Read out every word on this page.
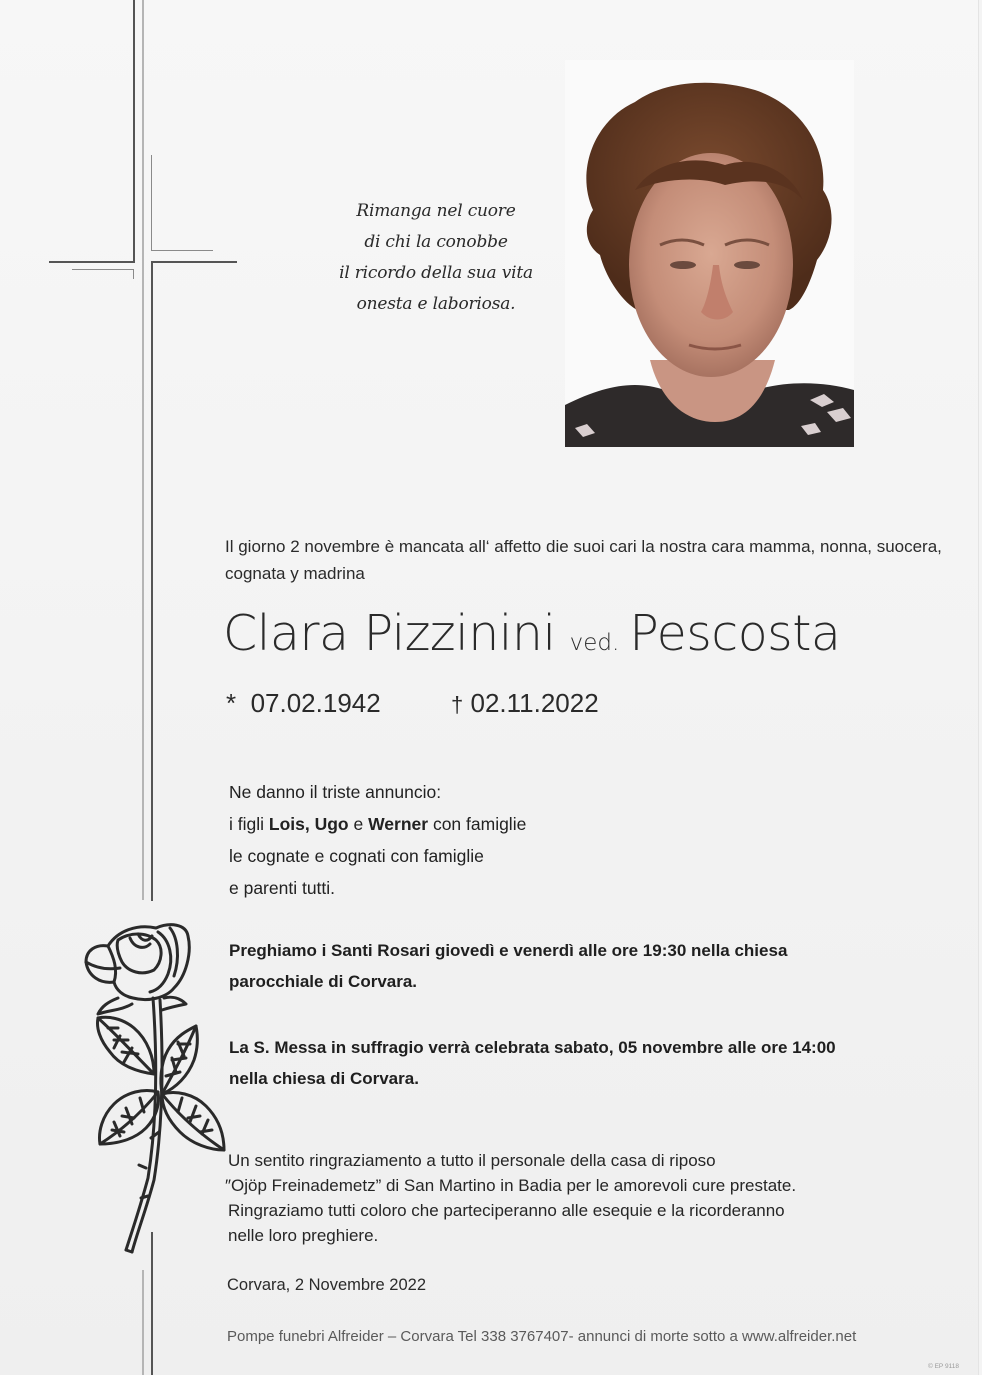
Rimanga nel cuore
di chi la conobbe
il ricordo della sua vita
onesta e laboriosa.
Il giorno 2 novembre è mancata all‘ affetto die suoi cari la nostra cara mamma, nonna, suocera, cognata y madrina
Clara Pizzinini ved. Pescosta
* 07.02.1942	† 02.11.2022
Ne danno il triste annuncio:
i figli Lois, Ugo e Werner con famiglie
le cognate e cognati con famiglie
e parenti tutti.
Preghiamo i Santi Rosari giovedì e venerdì alle ore 19:30 nella chiesa parocchiale di Corvara.
La S. Messa in suffragio verrà celebrata sabato, 05 novembre alle ore 14:00 nella chiesa di Corvara.
Un sentito ringraziamento a tutto il personale della casa di riposo
″Ojöp Freinademetz” di San Martino in Badia per le amorevoli cure prestate.
Ringraziamo tutti coloro che parteciperanno alle esequie e la ricorderanno
nelle loro preghiere.
Corvara, 2 Novembre 2022
Pompe funebri Alfreider – Corvara Tel 338 3767407- annunci di morte sotto a www.alfreider.net
© EP 9118
